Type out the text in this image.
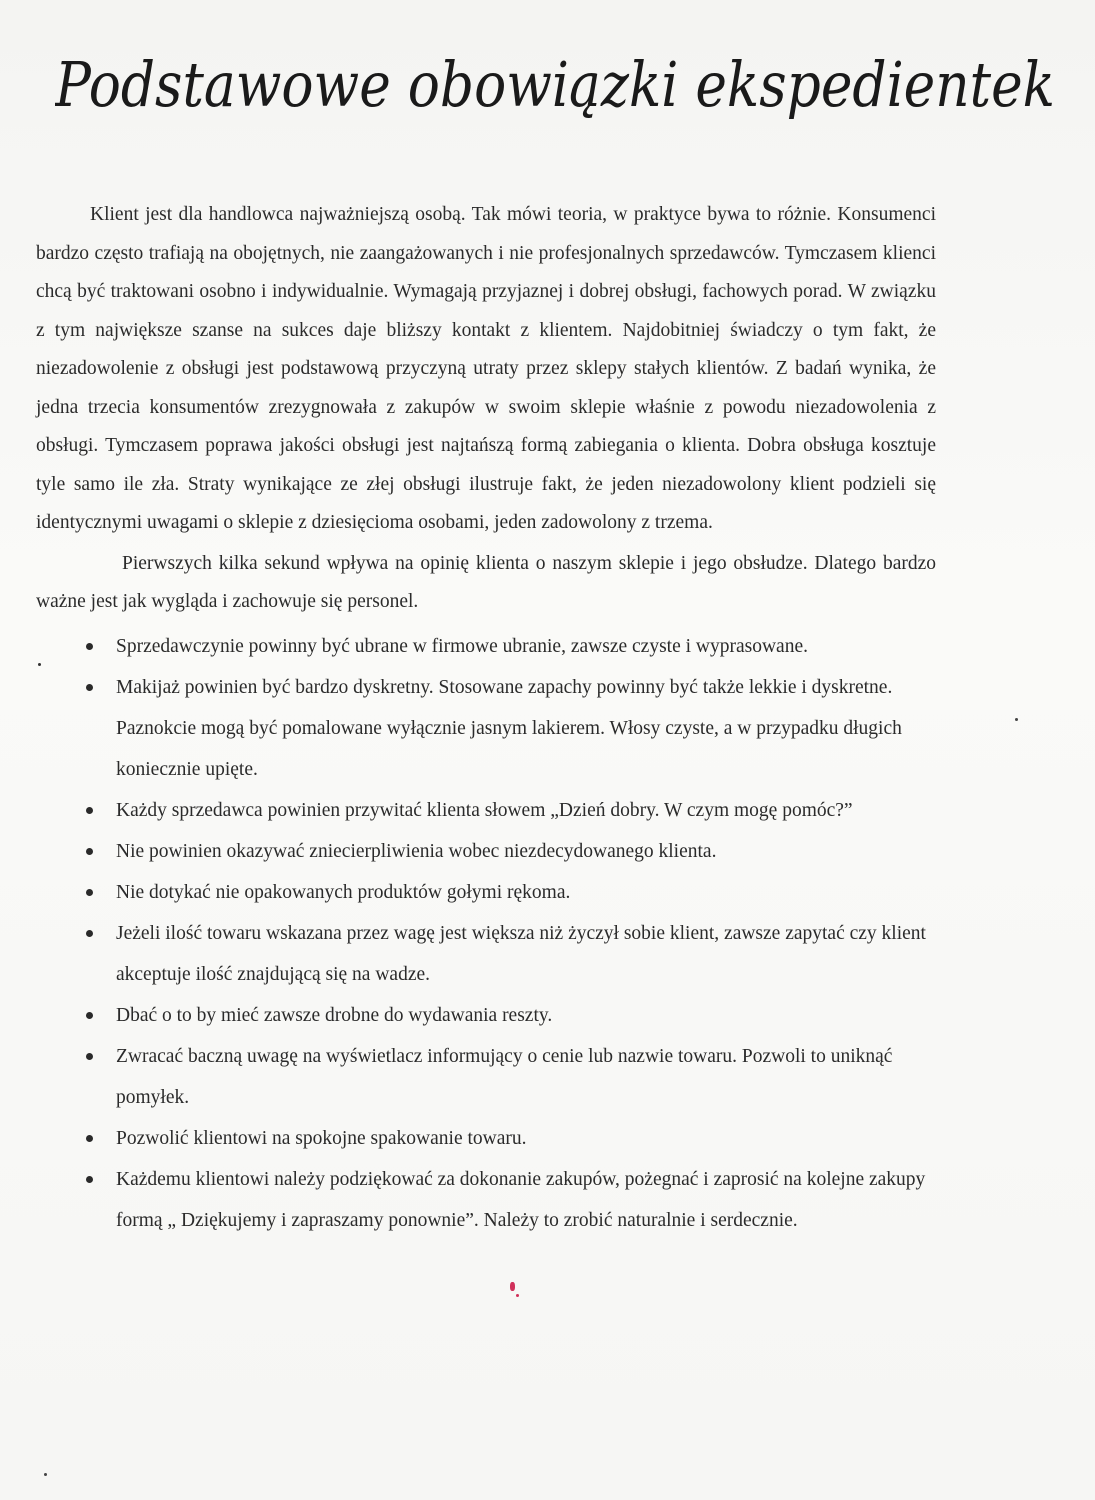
Podstawowe obowiązki ekspedientek

Klient jest dla handlowca najważniejszą osobą. Tak mówi teoria, w praktyce bywa to różnie. Konsumenci bardzo często trafiają na obojętnych, nie zaangażowanych i nie profesjonalnych sprzedawców. Tymczasem klienci chcą być traktowani osobno i indywidualnie. Wymagają przyjaznej i dobrej obsługi, fachowych porad. W związku z tym największe szanse na sukces daje bliższy kontakt z klientem. Najdobitniej świadczy o tym fakt, że niezadowolenie z obsługi jest podstawową przyczyną utraty przez sklepy stałych klientów. Z badań wynika, że jedna trzecia konsumentów zrezygnowała z zakupów w swoim sklepie właśnie z powodu niezadowolenia z obsługi. Tymczasem poprawa jakości obsługi jest najtańszą formą zabiegania o klienta. Dobra obsługa kosztuje tyle samo ile zła. Straty wynikające ze złej obsługi ilustruje fakt, że jeden niezadowolony klient podzieli się identycznymi uwagami o sklepie z dziesięcioma osobami, jeden zadowolony z trzema.

Pierwszych kilka sekund wpływa na opinię klienta o naszym sklepie i jego obsłudze. Dlatego bardzo ważne jest jak wygląda i zachowuje się personel.

Sprzedawczynie powinny być ubrane w firmowe ubranie, zawsze czyste i wyprasowane.
Makijaż powinien być bardzo dyskretny. Stosowane zapachy powinny być także lekkie i dyskretne. Paznokcie mogą być pomalowane wyłącznie jasnym lakierem. Włosy czyste, a w przypadku długich koniecznie upięte.
Każdy sprzedawca powinien przywitać klienta słowem „Dzień dobry. W czym mogę pomóc?”
Nie powinien okazywać zniecierpliwienia wobec niezdecydowanego klienta.
Nie dotykać nie opakowanych produktów gołymi rękoma.
Jeżeli ilość towaru wskazana przez wagę jest większa niż życzył sobie klient, zawsze zapytać czy klient akceptuje ilość znajdującą się na wadze.
Dbać o to by mieć zawsze drobne do wydawania reszty.
Zwracać baczną uwagę na wyświetlacz informujący o cenie lub nazwie towaru. Pozwoli to uniknąć pomyłek.
Pozwolić klientowi na spokojne spakowanie towaru.
Każdemu klientowi należy podziękować za dokonanie zakupów, pożegnać i zaprosić na kolejne zakupy formą „ Dziękujemy i zapraszamy ponownie”. Należy to zrobić naturalnie i serdecznie.
